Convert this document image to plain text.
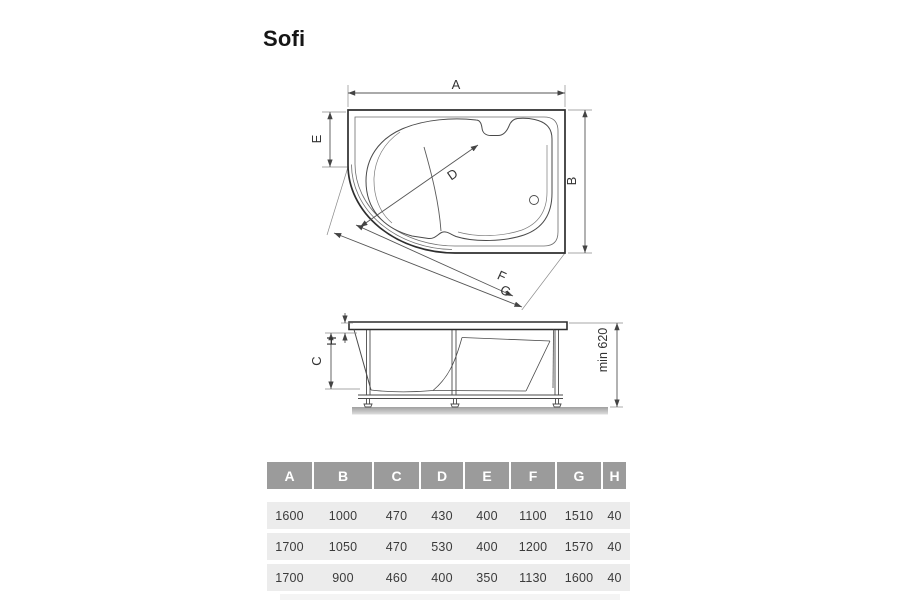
Sofi
A
B
E
D
F
G
H
C	min 620
A	B	C	D	E	F	G	H
1600	1000	470	430	400	1100	1510	40
1700	1050	470	530	400	1200	1570	40
1700	900	460	400	350	1130	1600	40
